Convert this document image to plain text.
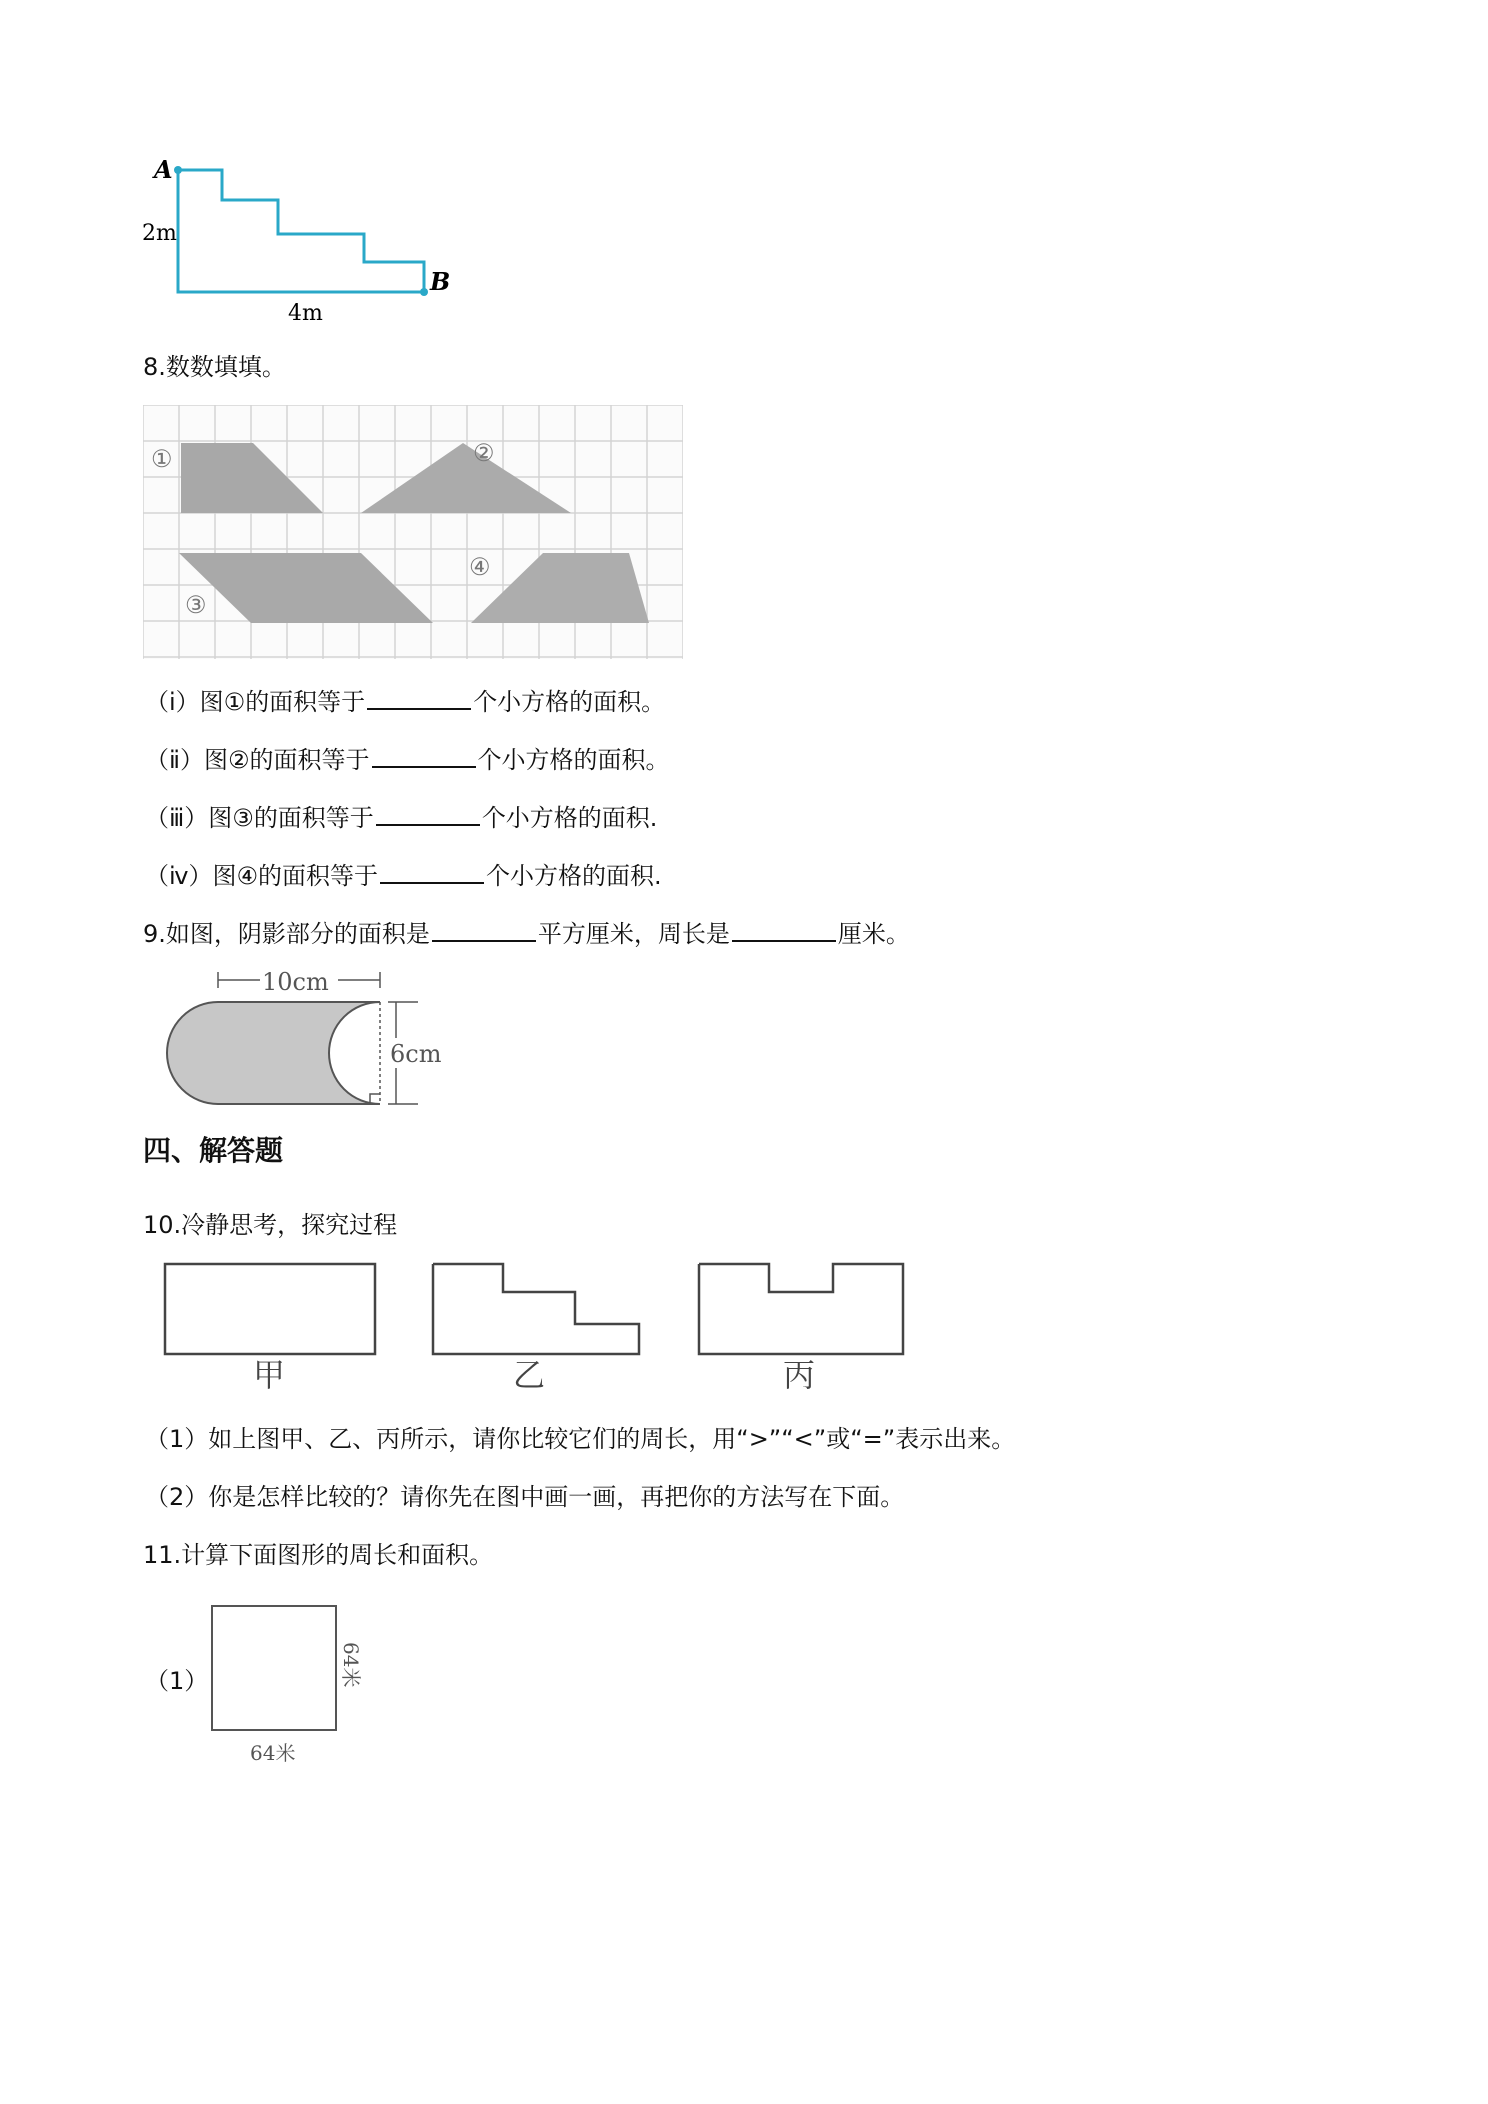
A
B
2m
4m
8.数数填填。
①	②
③
④
（ⅰ）图①的面积等于	个小方格的面积。
（ⅱ）图②的面积等于	个小方格的面积。
（ⅲ）图③的面积等于	个小方格的面积.
（ⅳ）图④的面积等于	个小方格的面积.
9.如图，阴影部分的面积是	平方厘米，周长是	厘米。
10cm
6cm
四、解答题
10.冷静思考，探究过程
甲	乙	丙
（1）如上图甲、乙、丙所示，请你比较它们的周长，用“>”“<”或“=”表示出来。
（2）你是怎样比较的？请你先在图中画一画，再把你的方法写在下面。
11.计算下面图形的周长和面积。
（1）
64米
64米
